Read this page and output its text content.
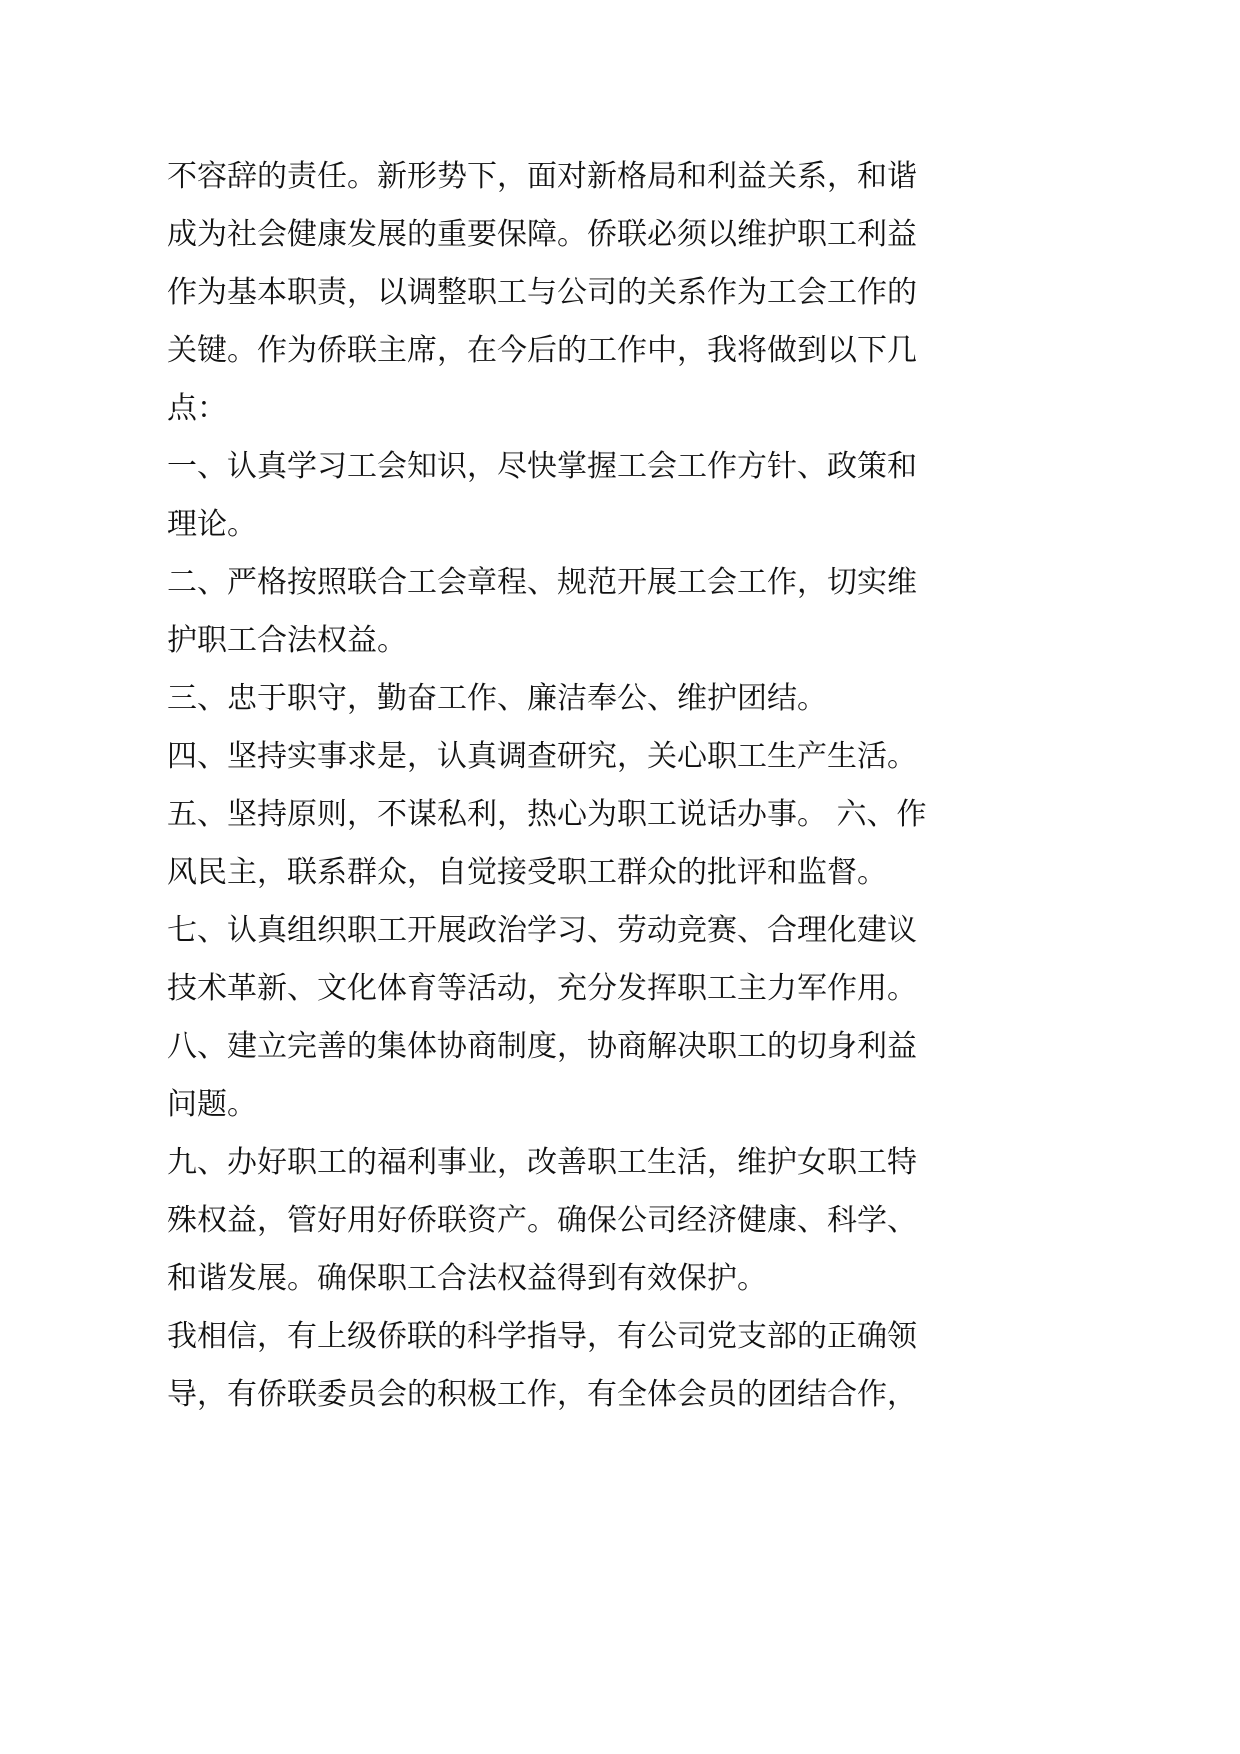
不容辞的责任。新形势下，面对新格局和利益关系，和谐
成为社会健康发展的重要保障。侨联必须以维护职工利益
作为基本职责，以调整职工与公司的关系作为工会工作的
关键。作为侨联主席，在今后的工作中，我将做到以下几
点：
一、认真学习工会知识，尽快掌握工会工作方针、政策和
理论。
二、严格按照联合工会章程、规范开展工会工作，切实维
护职工合法权益。
三、忠于职守，勤奋工作、廉洁奉公、维护团结。
四、坚持实事求是，认真调查研究，关心职工生产生活。
五、坚持原则，不谋私利，热心为职工说话办事。 六、作
风民主，联系群众，自觉接受职工群众的批评和监督。
七、认真组织职工开展政治学习、劳动竞赛、合理化建议
技术革新、文化体育等活动，充分发挥职工主力军作用。
八、建立完善的集体协商制度，协商解决职工的切身利益
问题。
九、办好职工的福利事业，改善职工生活，维护女职工特
殊权益，管好用好侨联资产。确保公司经济健康、科学、
和谐发展。确保职工合法权益得到有效保护。
我相信，有上级侨联的科学指导，有公司党支部的正确领
导，有侨联委员会的积极工作，有全体会员的团结合作，
